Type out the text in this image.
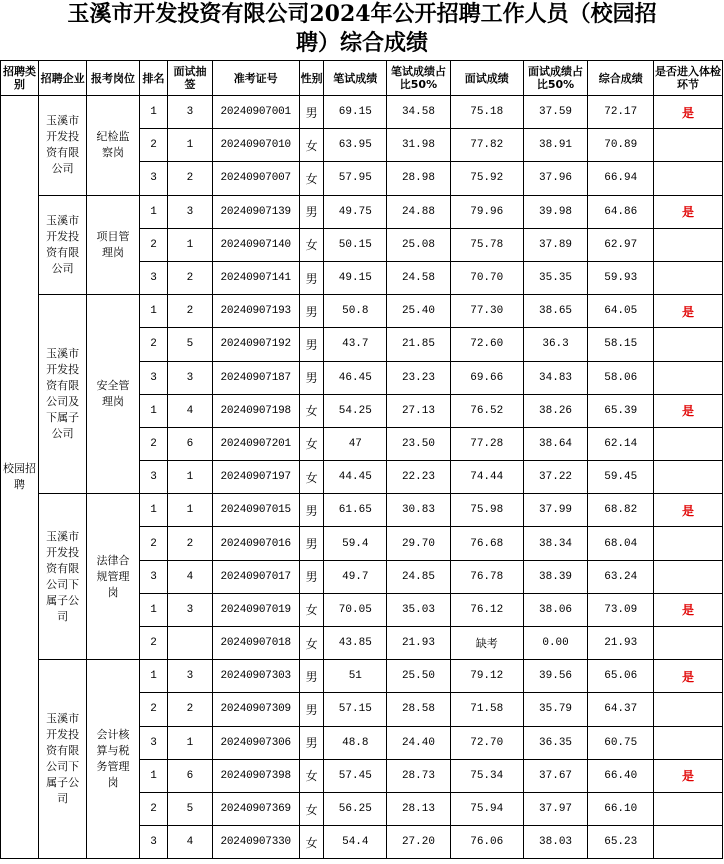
玉溪市开发投资有限公司2024年公开招聘工作人员（校园招
聘）综合成绩
招聘类别	招聘企业	报考岗位	排名	面试抽签	准考证号	性别	笔试成绩	笔试成绩占比50%	面试成绩	面试成绩占比50%	综合成绩	是否进入体检环节
校园招聘	玉溪市开发投资有限公司	纪检监察岗	1	3	20240907001	男	69.15	34.58	75.18	37.59	72.17	是
			2	1	20240907010	女	63.95	31.98	77.82	38.91	70.89	
			3	2	20240907007	女	57.95	28.98	75.92	37.96	66.94	
	玉溪市开发投资有限公司	项目管理岗	1	3	20240907139	男	49.75	24.88	79.96	39.98	64.86	是
			2	1	20240907140	女	50.15	25.08	75.78	37.89	62.97	
			3	2	20240907141	男	49.15	24.58	70.70	35.35	59.93	
	玉溪市开发投资有限公司及下属子公司	安全管理岗	1	2	20240907193	男	50.8	25.40	77.30	38.65	64.05	是
			2	5	20240907192	男	43.7	21.85	72.60	36.3	58.15	
			3	3	20240907187	男	46.45	23.23	69.66	34.83	58.06	
			1	4	20240907198	女	54.25	27.13	76.52	38.26	65.39	是
			2	6	20240907201	女	47	23.50	77.28	38.64	62.14	
			3	1	20240907197	女	44.45	22.23	74.44	37.22	59.45	
	玉溪市开发投资有限公司下属子公司	法律合规管理岗	1	1	20240907015	男	61.65	30.83	75.98	37.99	68.82	是
			2	2	20240907016	男	59.4	29.70	76.68	38.34	68.04	
			3	4	20240907017	男	49.7	24.85	76.78	38.39	63.24	
			1	3	20240907019	女	70.05	35.03	76.12	38.06	73.09	是
			2		20240907018	女	43.85	21.93	缺考	0.00	21.93	
	玉溪市开发投资有限公司下属子公司	会计核算与税务管理岗	1	3	20240907303	男	51	25.50	79.12	39.56	65.06	是
			2	2	20240907309	男	57.15	28.58	71.58	35.79	64.37	
			3	1	20240907306	男	48.8	24.40	72.70	36.35	60.75	
			1	6	20240907398	女	57.45	28.73	75.34	37.67	66.40	是
			2	5	20240907369	女	56.25	28.13	75.94	37.97	66.10	
			3	4	20240907330	女	54.4	27.20	76.06	38.03	65.23	
